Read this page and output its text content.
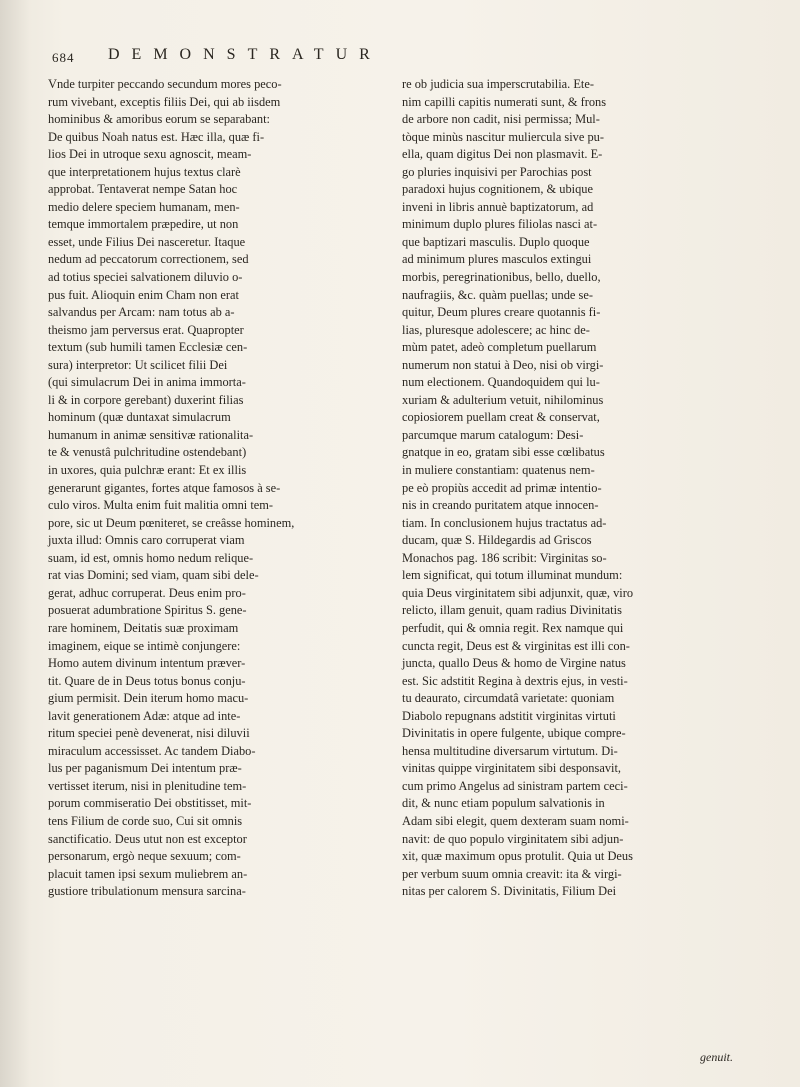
684 DEMONSTRATUR

Vnde turpiter peccando secundum mores peco-
rum vivebant, exceptis filiis Dei, qui ab iisdem
hominibus & amoribus eorum se separabant:
De quibus Noah natus est. Hæc illa, quæ fi-
lios Dei in utroque sexu agnoscit, meam-
que interpretationem hujus textus clarè
approbat. Tentaverat nempe Satan hoc
medio delere speciem humanam, men-
temque immortalem præpedire, ut non
esset, unde Filius Dei nasceretur. Itaque
nedum ad peccatorum correctionem, sed
ad totius speciei salvationem diluvio o-
pus fuit. Alioquin enim Cham non erat
salvandus per Arcam: nam totus ab a-
theismo jam perversus erat. Quapropter
textum (sub humili tamen Ecclesiæ cen-
sura) interpretor: Ut scilicet filii Dei
(qui simulacrum Dei in anima immorta-
li & in corpore gerebant) duxerint filias
hominum (quæ duntaxat simulacrum
humanum in animæ sensitivæ rationalita-
te & venustâ pulchritudine ostendebant)
in uxores, quia pulchræ erant: Et ex illis
generarunt gigantes, fortes atque famosos à se-
culo viros. Multa enim fuit malitia omni tem-
pore, sic ut Deum pœniteret, se creâsse hominem,
juxta illud: Omnis caro corruperat viam
suam, id est, omnis homo nedum relique-
rat vias Domini; sed viam, quam sibi dele-
gerat, adhuc corruperat. Deus enim pro-
posuerat adumbratione Spiritus S. gene-
rare hominem, Deitatis suæ proximam
imaginem, eique se intimè conjungere:
Homo autem divinum intentum præver-
tit. Quare de in Deus totus bonus conju-
gium permisit. Dein iterum homo macu-
lavit generationem Adæ: atque ad inte-
ritum speciei penè devenerat, nisi diluvii
miraculum accessisset. Ac tandem Diabo-
lus per paganismum Dei intentum præ-
vertisset iterum, nisi in plenitudine tem-
porum commiseratio Dei obstitisset, mit-
tens Filium de corde suo, Cui sit omnis
sanctificatio. Deus utut non est exceptor
personarum, ergò neque sexuum; com-
placuit tamen ipsi sexum muliebrem an-
gustiore tribulationum mensura sarcina-

re ob judicia sua imperscrutabilia. Ete-
nim capilli capitis numerati sunt, & frons
de arbore non cadit, nisi permissa; Mul-
tòque minùs nascitur muliercula sive pu-
ella, quam digitus Dei non plasmavit. E-
go pluries inquisivi per Parochias post
paradoxi hujus cognitionem, & ubique
inveni in libris annuè baptizatorum, ad
minimum duplo plures filiolas nasci at-
que baptizari masculis. Duplo quoque
ad minimum plures masculos extingui
morbis, peregrinationibus, bello, duello,
naufragiis, &c. quàm puellas; unde se-
quitur, Deum plures creare quotannis fi-
lias, pluresque adolescere; ac hinc de-
mùm patet, adeò completum puellarum
numerum non statui à Deo, nisi ob virgi-
num electionem. Quandoquidem qui lu-
xuriam & adulterium vetuit, nihilominus
copiosiorem puellam creat & conservat,
parcumque marum catalogum: Desi-
gnatque in eo, gratam sibi esse cœlibatus
in muliere constantiam: quatenus nem-
pe eò propiùs accedit ad primæ intentio-
nis in creando puritatem atque innocen-
tiam. In conclusionem hujus tractatus ad-
ducam, quæ S. Hildegardis ad Griscos
Monachos pag. 186 scribit: Virginitas so-
lem significat, qui totum illuminat mundum:
quia Deus virginitatem sibi adjunxit, quæ, viro
relicto, illam genuit, quam radius Divinitatis
perfudit, qui & omnia regit. Rex namque qui
cuncta regit, Deus est & virginitas est illi con-
juncta, quallo Deus & homo de Virgine natus
est. Sic adstitit Regina à dextris ejus, in vesti-
tu deaurato, circumdatâ varietate: quoniam
Diabolo repugnans adstitit virginitas virtuti
Divinitatis in opere fulgente, ubique compre-
hensa multitudine diversarum virtutum. Di-
vinitas quippe virginitatem sibi desponsavit,
cum primo Angelus ad sinistram partem ceci-
dit, & nunc etiam populum salvationis in
Adam sibi elegit, quem dexteram suam nomi-
navit: de quo populo virginitatem sibi adjun-
xit, quæ maximum opus protulit. Quia ut Deus
per verbum suum omnia creavit: ita & virgi-
nitas per calorem S. Divinitatis, Filium Dei

genuit.
